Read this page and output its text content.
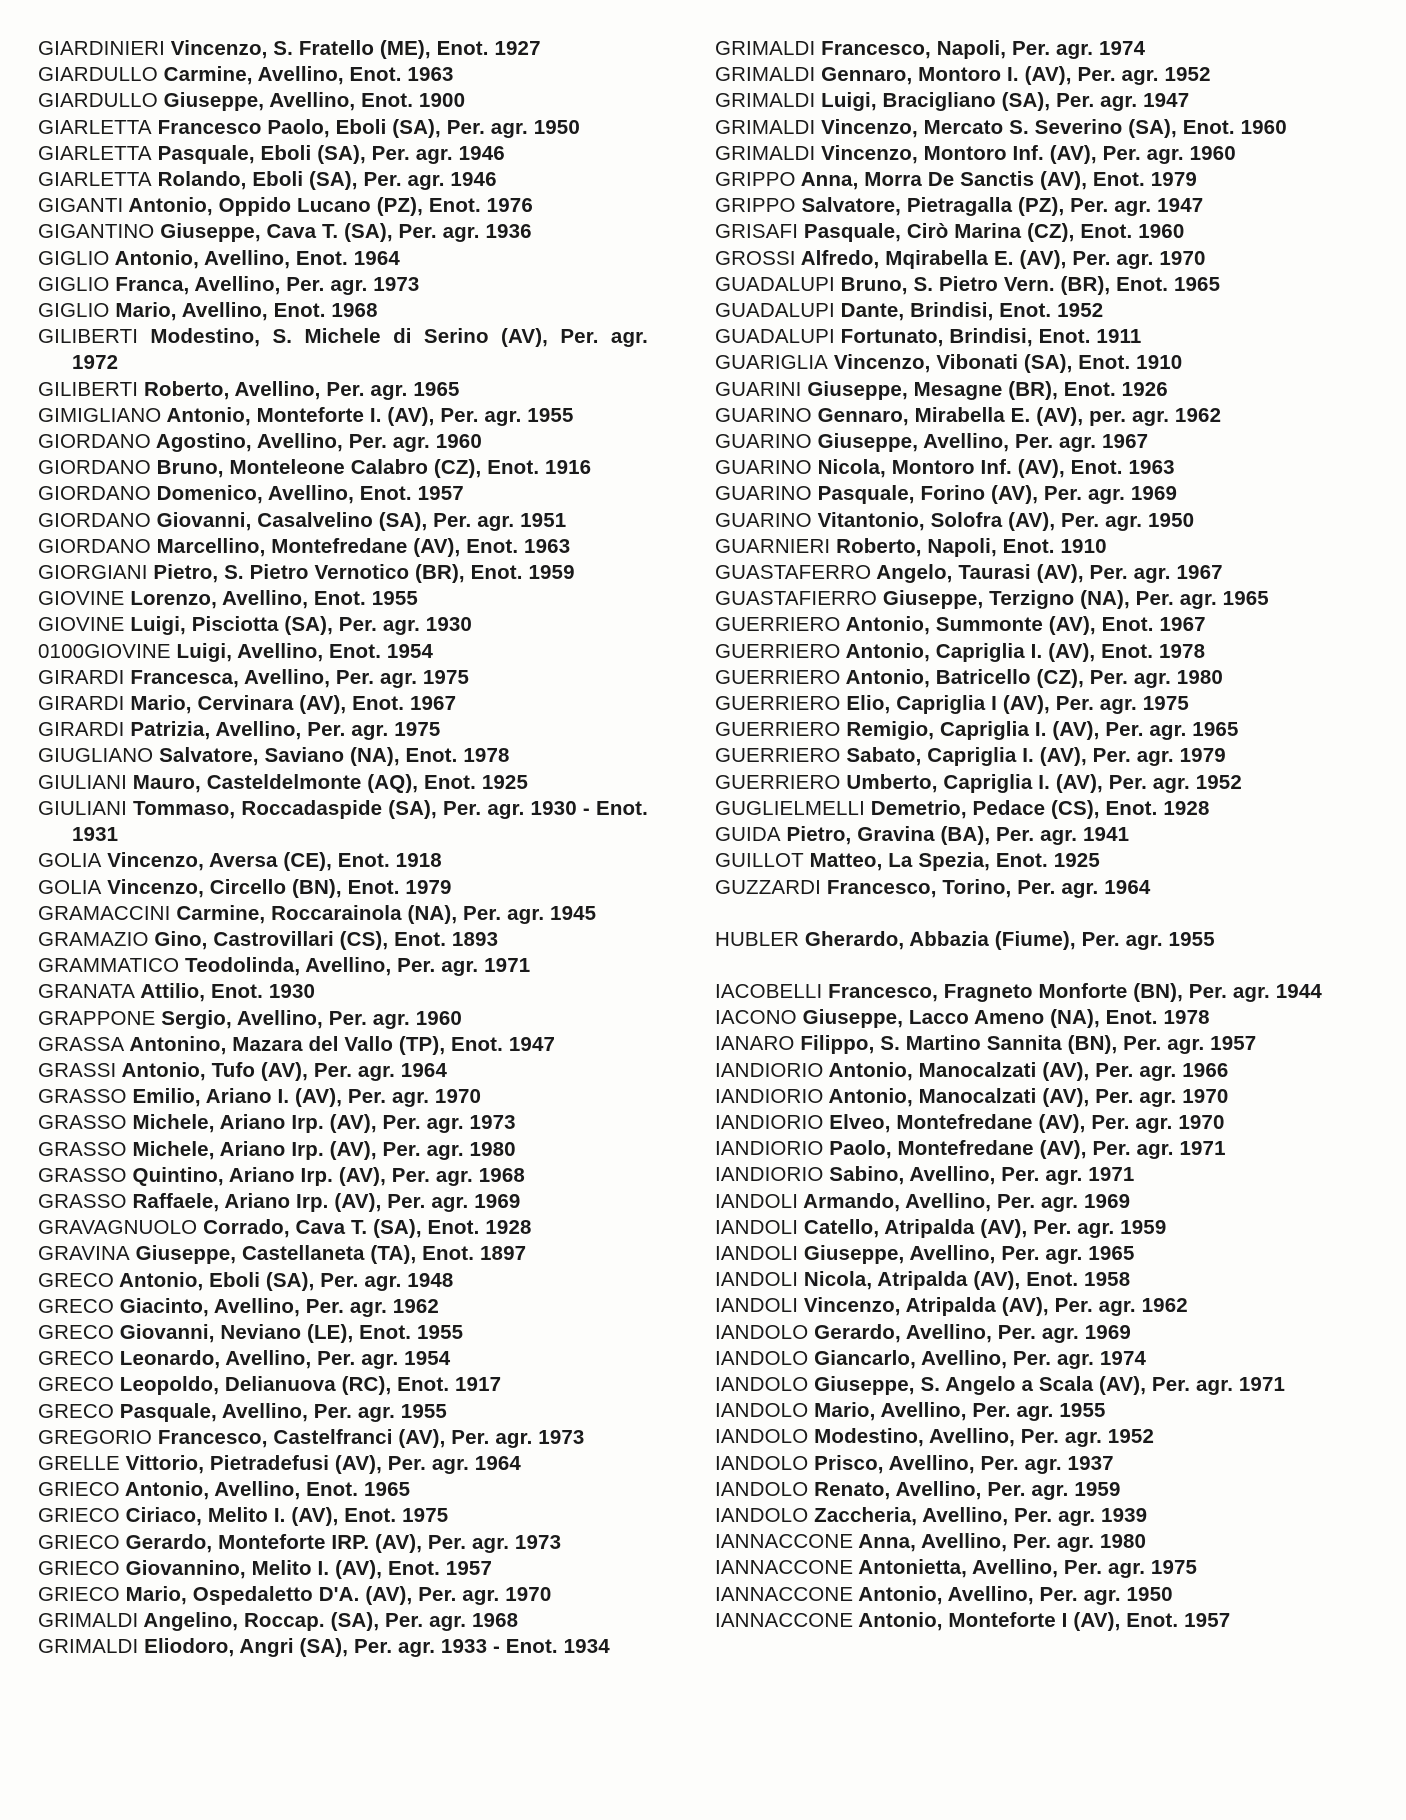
GIARDINIERI Vincenzo, S. Fratello (ME), Enot. 1927

GIARDULLO Carmine, Avellino, Enot. 1963

GIARDULLO Giuseppe, Avellino, Enot. 1900

GIARLETTA Francesco Paolo, Eboli (SA), Per. agr. 1950

GIARLETTA Pasquale, Eboli (SA), Per. agr. 1946

GIARLETTA Rolando, Eboli (SA), Per. agr. 1946

GIGANTI Antonio, Oppido Lucano (PZ), Enot. 1976

GIGANTINO Giuseppe, Cava T. (SA), Per. agr. 1936

GIGLIO Antonio, Avellino, Enot. 1964

GIGLIO Franca, Avellino, Per. agr. 1973

GIGLIO Mario, Avellino, Enot. 1968

GILIBERTI Modestino, S. Michele di Serino (AV), Per. agr. 1972

GILIBERTI Roberto, Avellino, Per. agr. 1965

GIMIGLIANO Antonio, Monteforte I. (AV), Per. agr. 1955

GIORDANO Agostino, Avellino, Per. agr. 1960

GIORDANO Bruno, Monteleone Calabro (CZ), Enot. 1916

GIORDANO Domenico, Avellino, Enot. 1957

GIORDANO Giovanni, Casalvelino (SA), Per. agr. 1951

GIORDANO Marcellino, Montefredane (AV), Enot. 1963

GIORGIANI Pietro, S. Pietro Vernotico (BR), Enot. 1959

GIOVINE Lorenzo, Avellino, Enot. 1955

GIOVINE Luigi, Pisciotta (SA), Per. agr. 1930

0100GIOVINE Luigi, Avellino, Enot. 1954

GIRARDI Francesca, Avellino, Per. agr. 1975

GIRARDI Mario, Cervinara (AV), Enot. 1967

GIRARDI Patrizia, Avellino, Per. agr. 1975

GIUGLIANO Salvatore, Saviano (NA), Enot. 1978

GIULIANI Mauro, Casteldelmonte (AQ), Enot. 1925

GIULIANI Tommaso, Roccadaspide (SA), Per. agr. 1930 - Enot. 1931

GOLIA Vincenzo, Aversa (CE), Enot. 1918

GOLIA Vincenzo, Circello (BN), Enot. 1979

GRAMACCINI Carmine, Roccarainola (NA), Per. agr. 1945

GRAMAZIO Gino, Castrovillari (CS), Enot. 1893

GRAMMATICO Teodolinda, Avellino, Per. agr. 1971

GRANATA Attilio, Enot. 1930

GRAPPONE Sergio, Avellino, Per. agr. 1960

GRASSA Antonino, Mazara del Vallo (TP), Enot. 1947

GRASSI Antonio, Tufo (AV), Per. agr. 1964

GRASSO Emilio, Ariano I. (AV), Per. agr. 1970

GRASSO Michele, Ariano Irp. (AV), Per. agr. 1973

GRASSO Michele, Ariano Irp. (AV), Per. agr. 1980

GRASSO Quintino, Ariano Irp. (AV), Per. agr. 1968

GRASSO Raffaele, Ariano Irp. (AV), Per. agr. 1969

GRAVAGNUOLO Corrado, Cava T. (SA), Enot. 1928

GRAVINA Giuseppe, Castellaneta (TA), Enot. 1897

GRECO Antonio, Eboli (SA), Per. agr. 1948

GRECO Giacinto, Avellino, Per. agr. 1962

GRECO Giovanni, Neviano (LE), Enot. 1955

GRECO Leonardo, Avellino, Per. agr. 1954

GRECO Leopoldo, Delianuova (RC), Enot. 1917

GRECO Pasquale, Avellino, Per. agr. 1955

GREGORIO Francesco, Castelfranci (AV), Per. agr. 1973

GRELLE Vittorio, Pietradefusi (AV), Per. agr. 1964

GRIECO Antonio, Avellino, Enot. 1965

GRIECO Ciriaco, Melito I. (AV), Enot. 1975

GRIECO Gerardo, Monteforte IRP. (AV), Per. agr. 1973

GRIECO Giovannino, Melito I. (AV), Enot. 1957

GRIECO Mario, Ospedaletto D'A. (AV), Per. agr. 1970

GRIMALDI Angelino, Roccap. (SA), Per. agr. 1968

GRIMALDI Eliodoro, Angri (SA), Per. agr. 1933 - Enot. 1934

GRIMALDI Francesco, Napoli, Per. agr. 1974

GRIMALDI Gennaro, Montoro I. (AV), Per. agr. 1952

GRIMALDI Luigi, Bracigliano (SA), Per. agr. 1947

GRIMALDI Vincenzo, Mercato S. Severino (SA), Enot. 1960

GRIMALDI Vincenzo, Montoro Inf. (AV), Per. agr. 1960

GRIPPO Anna, Morra De Sanctis (AV), Enot. 1979

GRIPPO Salvatore, Pietragalla (PZ), Per. agr. 1947

GRISAFI Pasquale, Cirò Marina (CZ), Enot. 1960

GROSSI Alfredo, Mqirabella E. (AV), Per. agr. 1970

GUADALUPI Bruno, S. Pietro Vern. (BR), Enot. 1965

GUADALUPI Dante, Brindisi, Enot. 1952

GUADALUPI Fortunato, Brindisi, Enot. 1911

GUARIGLIA Vincenzo, Vibonati (SA), Enot. 1910

GUARINI Giuseppe, Mesagne (BR), Enot. 1926

GUARINO Gennaro, Mirabella E. (AV), per. agr. 1962

GUARINO Giuseppe, Avellino, Per. agr. 1967

GUARINO Nicola, Montoro Inf. (AV), Enot. 1963

GUARINO Pasquale, Forino (AV), Per. agr. 1969

GUARINO Vitantonio, Solofra (AV), Per. agr. 1950

GUARNIERI Roberto, Napoli, Enot. 1910

GUASTAFERRO Angelo, Taurasi (AV), Per. agr. 1967

GUASTAFIERRO Giuseppe, Terzigno (NA), Per. agr. 1965

GUERRIERO Antonio, Summonte (AV), Enot. 1967

GUERRIERO Antonio, Capriglia I. (AV), Enot. 1978

GUERRIERO Antonio, Batricello (CZ), Per. agr. 1980

GUERRIERO Elio, Capriglia I (AV), Per. agr. 1975

GUERRIERO Remigio, Capriglia I. (AV), Per. agr. 1965

GUERRIERO Sabato, Capriglia I. (AV), Per. agr. 1979

GUERRIERO Umberto, Capriglia I. (AV), Per. agr. 1952

GUGLIELMELLI Demetrio, Pedace (CS), Enot. 1928

GUIDA Pietro, Gravina (BA), Per. agr. 1941

GUILLOT Matteo, La Spezia, Enot. 1925

GUZZARDI Francesco, Torino, Per. agr. 1964

HUBLER Gherardo, Abbazia (Fiume), Per. agr. 1955

IACOBELLI Francesco, Fragneto Monforte (BN), Per. agr. 1944

IACONO Giuseppe, Lacco Ameno (NA), Enot. 1978

IANARO Filippo, S. Martino Sannita (BN), Per. agr. 1957

IANDIORIO Antonio, Manocalzati (AV), Per. agr. 1966

IANDIORIO Antonio, Manocalzati (AV), Per. agr. 1970

IANDIORIO Elveo, Montefredane (AV), Per. agr. 1970

IANDIORIO Paolo, Montefredane (AV), Per. agr. 1971

IANDIORIO Sabino, Avellino, Per. agr. 1971

IANDOLI Armando, Avellino, Per. agr. 1969

IANDOLI Catello, Atripalda (AV), Per. agr. 1959

IANDOLI Giuseppe, Avellino, Per. agr. 1965

IANDOLI Nicola, Atripalda (AV), Enot. 1958

IANDOLI Vincenzo, Atripalda (AV), Per. agr. 1962

IANDOLO Gerardo, Avellino, Per. agr. 1969

IANDOLO Giancarlo, Avellino, Per. agr. 1974

IANDOLO Giuseppe, S. Angelo a Scala (AV), Per. agr. 1971

IANDOLO Mario, Avellino, Per. agr. 1955

IANDOLO Modestino, Avellino, Per. agr. 1952

IANDOLO Prisco, Avellino, Per. agr. 1937

IANDOLO Renato, Avellino, Per. agr. 1959

IANDOLO Zaccheria, Avellino, Per. agr. 1939

IANNACCONE Anna, Avellino, Per. agr. 1980

IANNACCONE Antonietta, Avellino, Per. agr. 1975

IANNACCONE Antonio, Avellino, Per. agr. 1950

IANNACCONE Antonio, Monteforte I (AV), Enot. 1957
